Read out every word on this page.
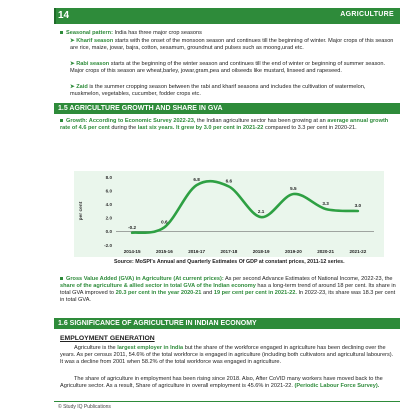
14	AGRICULTURE
Seasonal pattern: India has three major crop seasons
➤ Kharif season starts with the onset of the monsoon season and continues till the beginning of winter. Major crops of this season are rice, maize, jowar, bajra, cotton, sesamum, groundnut and pulses such as moong,urad etc.
➤ Rabi season starts at the beginning of the winter season and continues till the end of winter or beginning of summer season. Major crops of this season are wheat,barley, jowar,gram,pea and oilseeds like mustard, linseed and rapeseed.
➤ Zaid is the summer cropping season between the rabi and kharif seasons and includes the cultivation of watermelon, muskmelon, vegetables, cucumber, fodder crops etc.
1.5 AGRICULTURE GROWTH AND SHARE IN GVA
Growth: According to Economic Survey 2022-23, the Indian agriculture sector has been growing at an average annual growth rate of 4.6 per cent during the last six years. It grew by 3.0 per cent in 2021-22 compared to 3.3 per cent in 2020-21.
8.0
6.0
4.0
2.0
0.0
-2.0
per cent
-0.2
2014-15
0.6
2015-16
6.8
2016-17
6.6
2017-18
2.1
2018-19
5.5
2019-20
3.3
2020-21
3.0
2021-22
Source: MoSPI's Annual and Quarterly Estimates Of GDP at constant prices, 2011-12 series.
Gross Value Added (GVA) in Agriculture (At current prices): As per second Advance Estimates of National Income, 2022-23, the share of the agriculture & allied sector in total GVA of the Indian economy has a long-term trend of around 18 per cent. Its share in total GVA improved to 20.3 per cent in the year 2020-21 and 19 per cent per cent in 2021-22. In 2022-23, its share was 18.3 per cent in total GVA.
1.6 SIGNIFICANCE OF AGRICULTURE IN INDIAN ECONOMY
EMPLOYMENT GENERATION
Agriculture is the largest employer in India but the share of the workforce engaged in agriculture has been declining over the years. As per census 2011, 54.6% of the total workforce is engaged in agriculture (including both cultivators and agricultural labourers). It was a decline from 2001 when 58.2% of the total workforce was engaged in agriculture.
The share of agriculture in employment has been rising since 2018. Also, After CoVID many workers have moved back to the Agriculture sector. As a result, Share of agriculture in overall employment is 45.6% in 2021-22. (Periodic Labour Force Survey).
© Study IQ Publications
